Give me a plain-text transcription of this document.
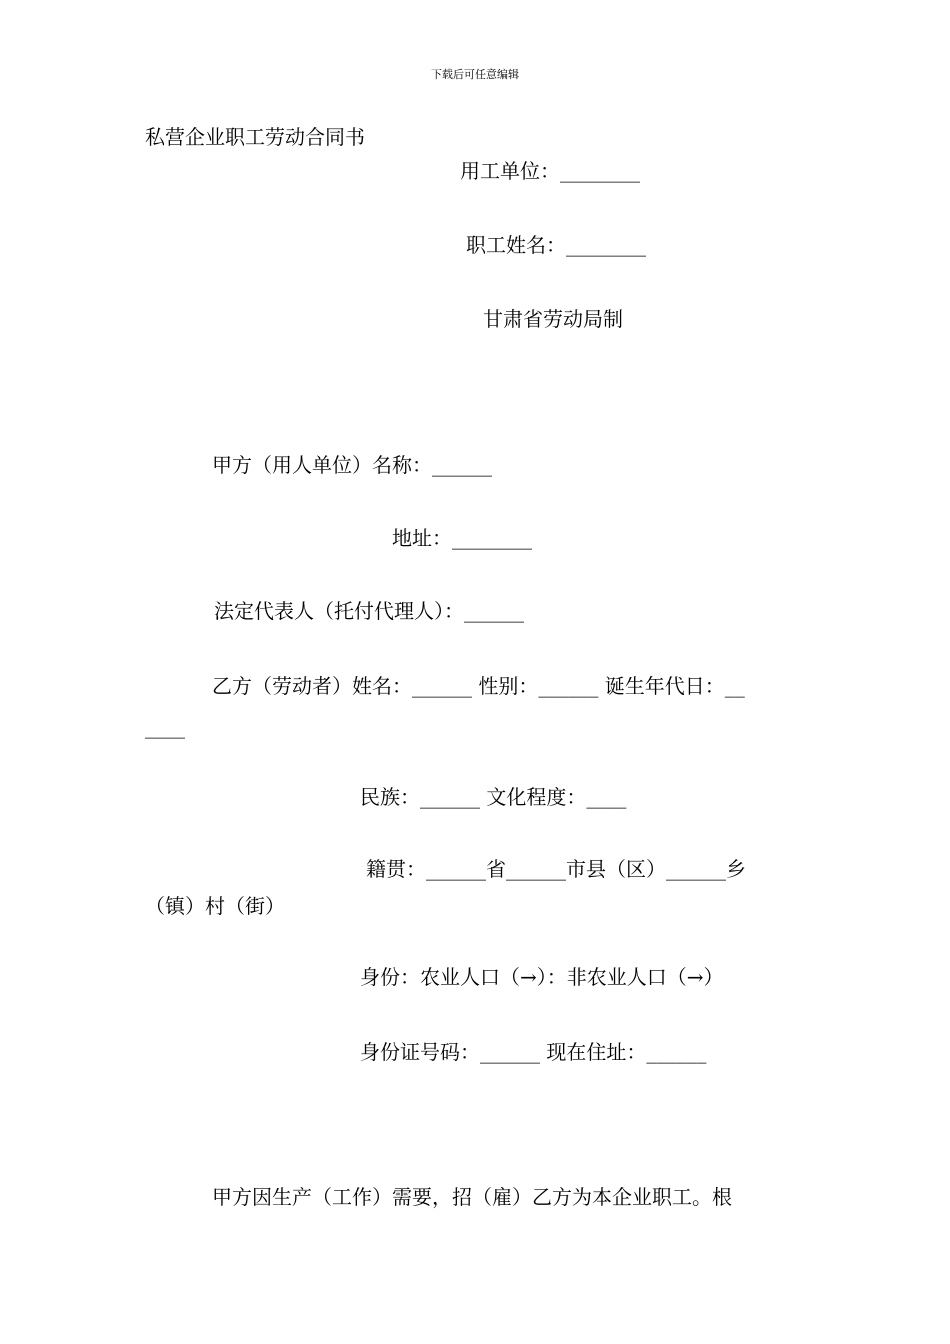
下载后可任意编辑
私营企业职工劳动合同书
用工单位：________
职工姓名：________
甘肃省劳动局制
甲方（用人单位）名称：______
地址：________
法定代表人（托付代理人）：______
乙方（劳动者）姓名：______ 性别：______ 诞生年代日：__
____
民族：______ 文化程度：____
籍贯：______省______市县（区）______乡
（镇）村（街）
身份：农业人口（→）：非农业人口（→）
身份证号码：______ 现在住址：______
甲方因生产（工作）需要，招（雇）乙方为本企业职工。根
